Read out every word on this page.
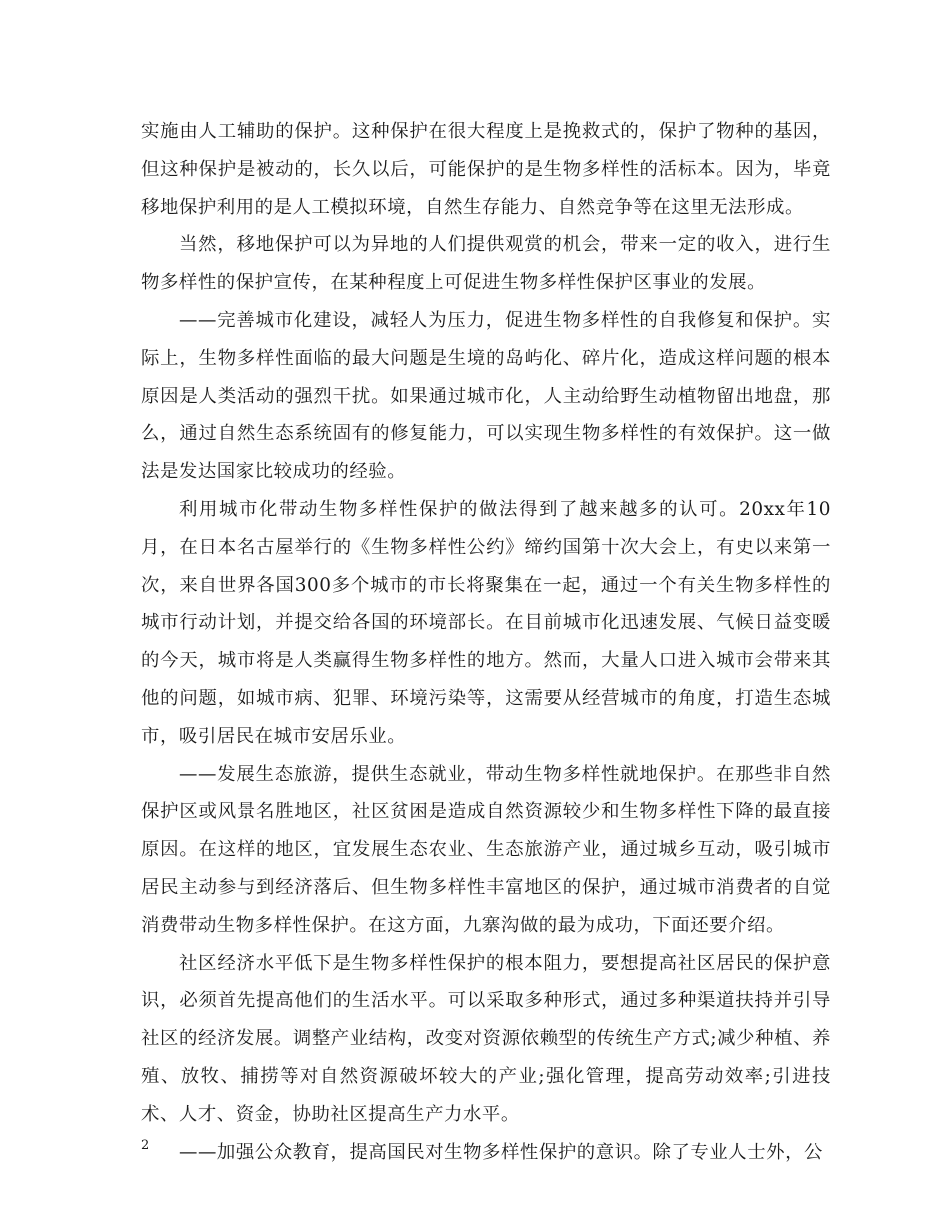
实施由人工辅助的保护。这种保护在很大程度上是挽救式的，保护了物种的基因，但这种保护是被动的，长久以后，可能保护的是生物多样性的活标本。因为，毕竟移地保护利用的是人工模拟环境，自然生存能力、自然竞争等在这里无法形成。

当然，移地保护可以为异地的人们提供观赏的机会，带来一定的收入，进行生物多样性的保护宣传，在某种程度上可促进生物多样性保护区事业的发展。

——完善城市化建设，减轻人为压力，促进生物多样性的自我修复和保护。实际上，生物多样性面临的最大问题是生境的岛屿化、碎片化，造成这样问题的根本原因是人类活动的强烈干扰。如果通过城市化，人主动给野生动植物留出地盘，那么，通过自然生态系统固有的修复能力，可以实现生物多样性的有效保护。这一做法是发达国家比较成功的经验。

利用城市化带动生物多样性保护的做法得到了越来越多的认可。20xx年10月，在日本名古屋举行的《生物多样性公约》缔约国第十次大会上，有史以来第一次，来自世界各国300多个城市的市长将聚集在一起，通过一个有关生物多样性的城市行动计划，并提交给各国的环境部长。在目前城市化迅速发展、气候日益变暖的今天，城市将是人类赢得生物多样性的地方。然而，大量人口进入城市会带来其他的问题，如城市病、犯罪、环境污染等，这需要从经营城市的角度，打造生态城市，吸引居民在城市安居乐业。

——发展生态旅游，提供生态就业，带动生物多样性就地保护。在那些非自然保护区或风景名胜地区，社区贫困是造成自然资源较少和生物多样性下降的最直接原因。在这样的地区，宜发展生态农业、生态旅游产业，通过城乡互动，吸引城市居民主动参与到经济落后、但生物多样性丰富地区的保护，通过城市消费者的自觉消费带动生物多样性保护。在这方面，九寨沟做的最为成功，下面还要介绍。

社区经济水平低下是生物多样性保护的根本阻力，要想提高社区居民的保护意识，必须首先提高他们的生活水平。可以采取多种形式，通过多种渠道扶持并引导社区的经济发展。调整产业结构，改变对资源依赖型的传统生产方式;减少种植、养殖、放牧、捕捞等对自然资源破坏较大的产业;强化管理，提高劳动效率;引进技术、人才、资金，协助社区提高生产力水平。

——加强公众教育，提高国民对生物多样性保护的意识。除了专业人士外，公

2
